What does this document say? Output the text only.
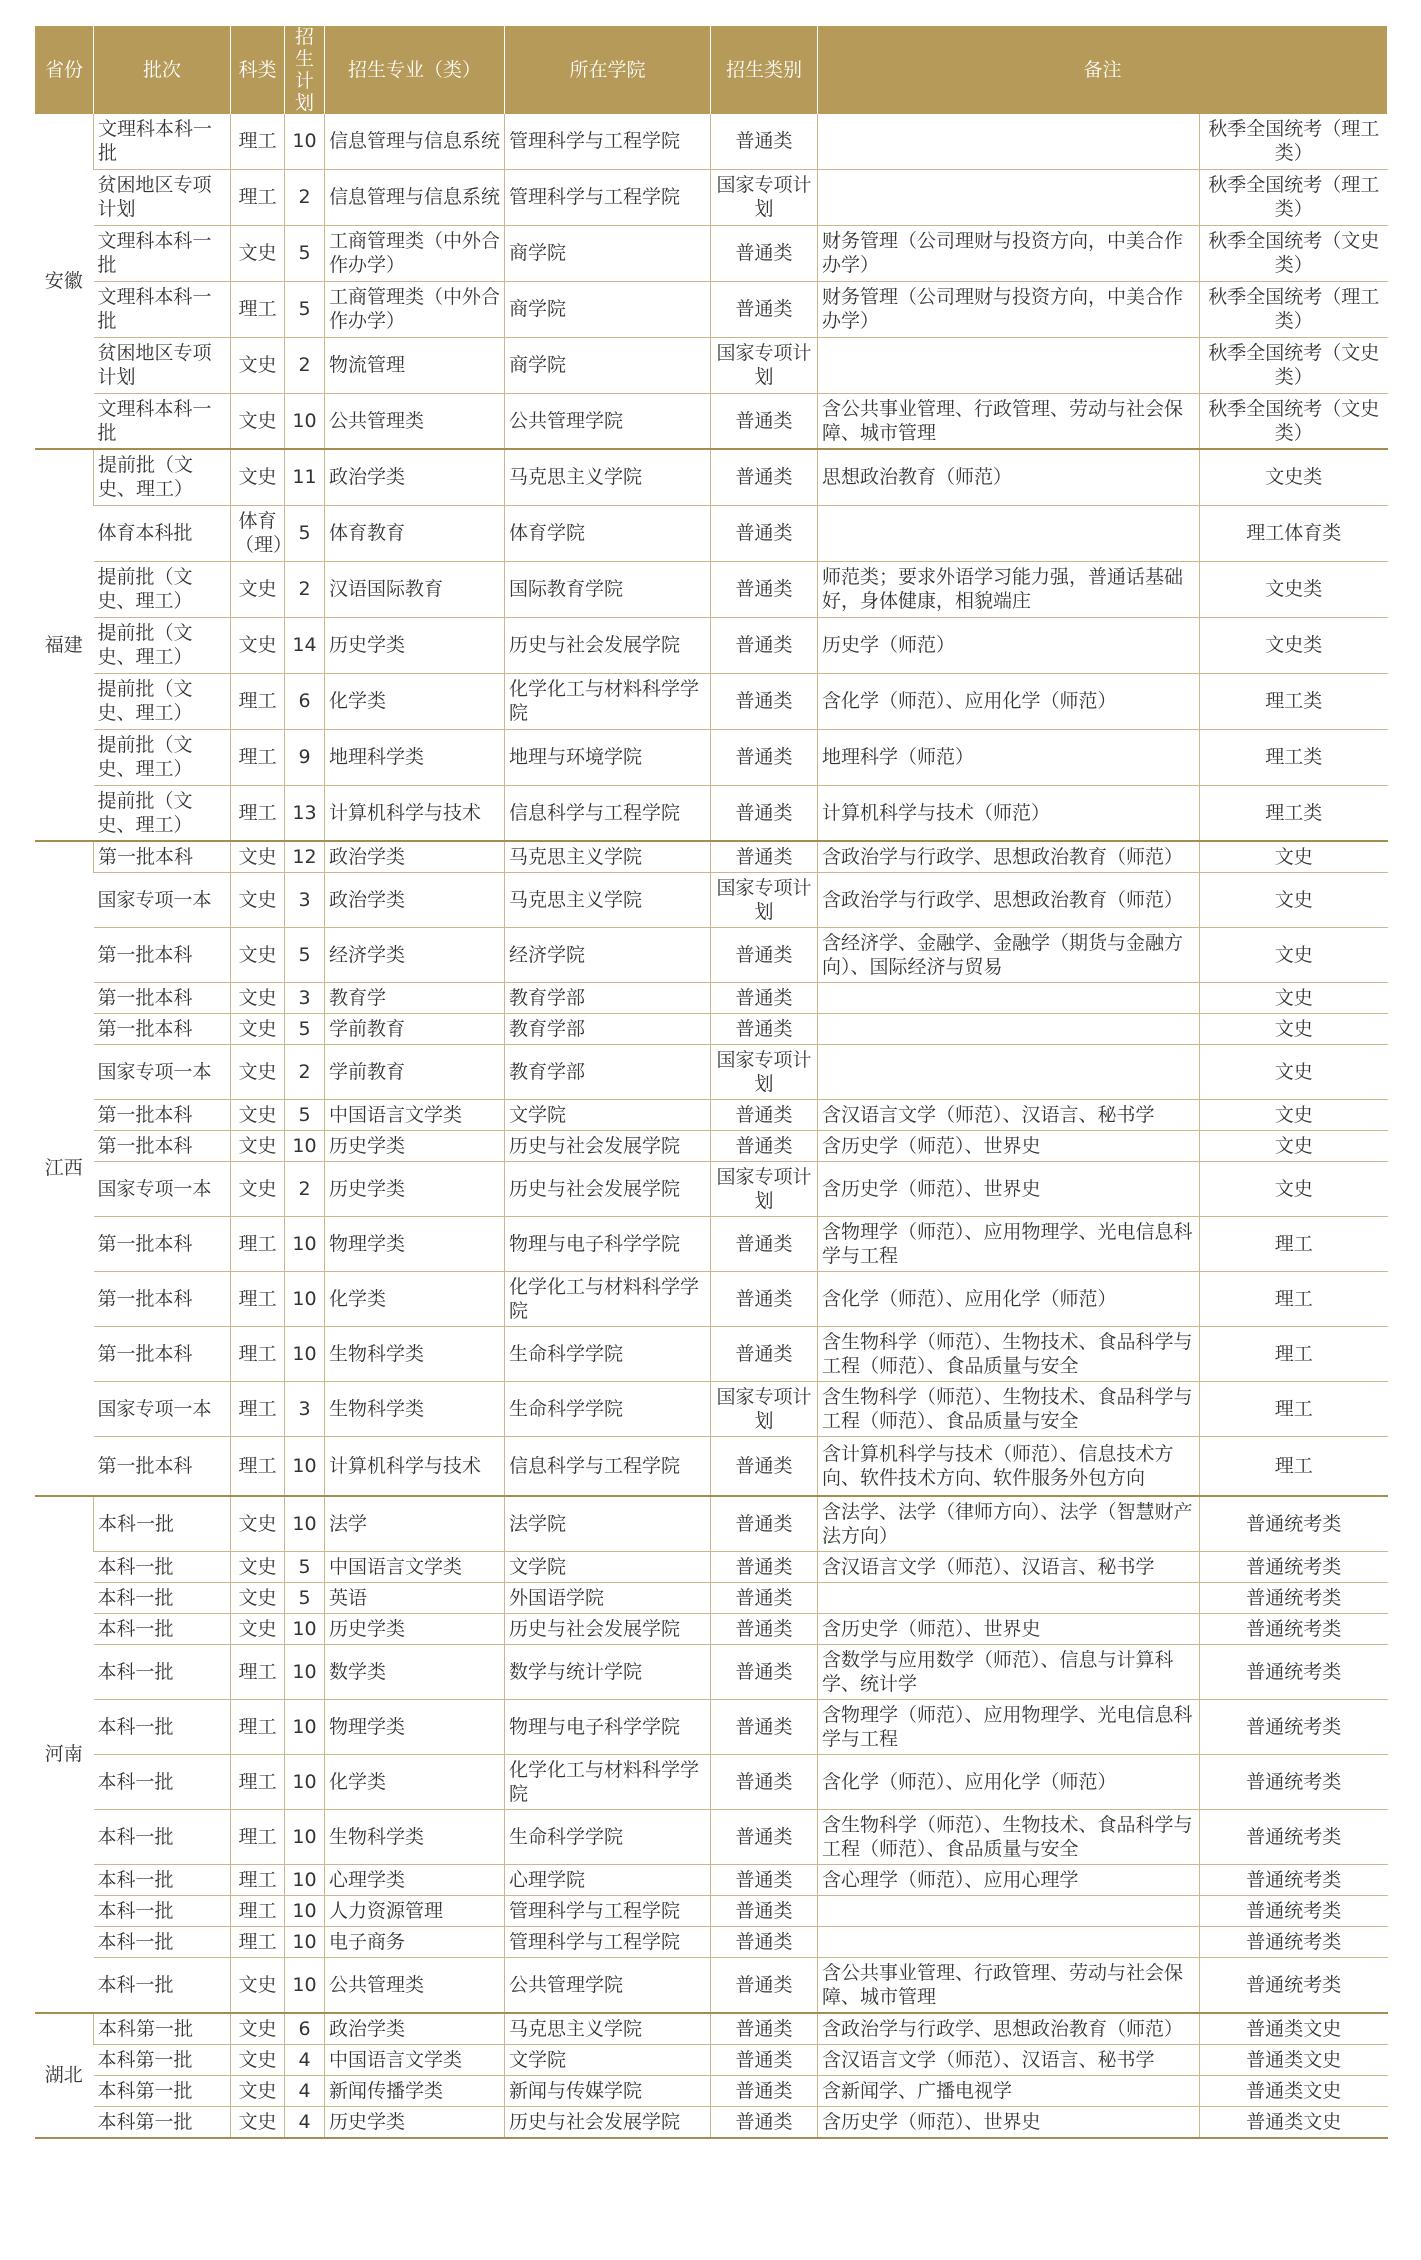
省份	批次	科类	招生计划	招生专业（类）	所在学院	招生类别	备注	
安徽	文理科本科一批	理工	10	信息管理与信息系统	管理科学与工程学院	普通类		秋季全国统考（理工类）
	贫困地区专项计划	理工	2	信息管理与信息系统	管理科学与工程学院	国家专项计划		秋季全国统考（理工类）
	文理科本科一批	文史	5	工商管理类（中外合作办学）	商学院	普通类	财务管理（公司理财与投资方向，中美合作办学）	秋季全国统考（文史类）
	文理科本科一批	理工	5	工商管理类（中外合作办学）	商学院	普通类	财务管理（公司理财与投资方向，中美合作办学）	秋季全国统考（理工类）
	贫困地区专项计划	文史	2	物流管理	商学院	国家专项计划		秋季全国统考（文史类）
	文理科本科一批	文史	10	公共管理类	公共管理学院	普通类	含公共事业管理、行政管理、劳动与社会保障、城市管理	秋季全国统考（文史类）
福建	提前批（文史、理工）	文史	11	政治学类	马克思主义学院	普通类	思想政治教育（师范）	文史类
	体育本科批	体育（理）	5	体育教育	体育学院	普通类		理工体育类
	提前批（文史、理工）	文史	2	汉语国际教育	国际教育学院	普通类	师范类；要求外语学习能力强，普通话基础好，身体健康，相貌端庄	文史类
	提前批（文史、理工）	文史	14	历史学类	历史与社会发展学院	普通类	历史学（师范）	文史类
	提前批（文史、理工）	理工	6	化学类	化学化工与材料科学学院	普通类	含化学（师范）、应用化学（师范）	理工类
	提前批（文史、理工）	理工	9	地理科学类	地理与环境学院	普通类	地理科学（师范）	理工类
	提前批（文史、理工）	理工	13	计算机科学与技术	信息科学与工程学院	普通类	计算机科学与技术（师范）	理工类
江西	第一批本科	文史	12	政治学类	马克思主义学院	普通类	含政治学与行政学、思想政治教育（师范）	文史
	国家专项一本	文史	3	政治学类	马克思主义学院	国家专项计划	含政治学与行政学、思想政治教育（师范）	文史
	第一批本科	文史	5	经济学类	经济学院	普通类	含经济学、金融学、金融学（期货与金融方向）、国际经济与贸易	文史
	第一批本科	文史	3	教育学	教育学部	普通类		文史
	第一批本科	文史	5	学前教育	教育学部	普通类		文史
	国家专项一本	文史	2	学前教育	教育学部	国家专项计划		文史
	第一批本科	文史	5	中国语言文学类	文学院	普通类	含汉语言文学（师范）、汉语言、秘书学	文史
	第一批本科	文史	10	历史学类	历史与社会发展学院	普通类	含历史学（师范）、世界史	文史
	国家专项一本	文史	2	历史学类	历史与社会发展学院	国家专项计划	含历史学（师范）、世界史	文史
	第一批本科	理工	10	物理学类	物理与电子科学学院	普通类	含物理学（师范）、应用物理学、光电信息科学与工程	理工
	第一批本科	理工	10	化学类	化学化工与材料科学学院	普通类	含化学（师范）、应用化学（师范）	理工
	第一批本科	理工	10	生物科学类	生命科学学院	普通类	含生物科学（师范）、生物技术、食品科学与工程（师范）、食品质量与安全	理工
	国家专项一本	理工	3	生物科学类	生命科学学院	国家专项计划	含生物科学（师范）、生物技术、食品科学与工程（师范）、食品质量与安全	理工
	第一批本科	理工	10	计算机科学与技术	信息科学与工程学院	普通类	含计算机科学与技术（师范）、信息技术方向、软件技术方向、软件服务外包方向	理工
河南	本科一批	文史	10	法学	法学院	普通类	含法学、法学（律师方向）、法学（智慧财产法方向）	普通统考类
	本科一批	文史	5	中国语言文学类	文学院	普通类	含汉语言文学（师范）、汉语言、秘书学	普通统考类
	本科一批	文史	5	英语	外国语学院	普通类		普通统考类
	本科一批	文史	10	历史学类	历史与社会发展学院	普通类	含历史学（师范）、世界史	普通统考类
	本科一批	理工	10	数学类	数学与统计学院	普通类	含数学与应用数学（师范）、信息与计算科学、统计学	普通统考类
	本科一批	理工	10	物理学类	物理与电子科学学院	普通类	含物理学（师范）、应用物理学、光电信息科学与工程	普通统考类
	本科一批	理工	10	化学类	化学化工与材料科学学院	普通类	含化学（师范）、应用化学（师范）	普通统考类
	本科一批	理工	10	生物科学类	生命科学学院	普通类	含生物科学（师范）、生物技术、食品科学与工程（师范）、食品质量与安全	普通统考类
	本科一批	理工	10	心理学类	心理学院	普通类	含心理学（师范）、应用心理学	普通统考类
	本科一批	理工	10	人力资源管理	管理科学与工程学院	普通类		普通统考类
	本科一批	理工	10	电子商务	管理科学与工程学院	普通类		普通统考类
	本科一批	文史	10	公共管理类	公共管理学院	普通类	含公共事业管理、行政管理、劳动与社会保障、城市管理	普通统考类
湖北	本科第一批	文史	6	政治学类	马克思主义学院	普通类	含政治学与行政学、思想政治教育（师范）	普通类文史
	本科第一批	文史	4	中国语言文学类	文学院	普通类	含汉语言文学（师范）、汉语言、秘书学	普通类文史
	本科第一批	文史	4	新闻传播学类	新闻与传媒学院	普通类	含新闻学、广播电视学	普通类文史
	本科第一批	文史	4	历史学类	历史与社会发展学院	普通类	含历史学（师范）、世界史	普通类文史
